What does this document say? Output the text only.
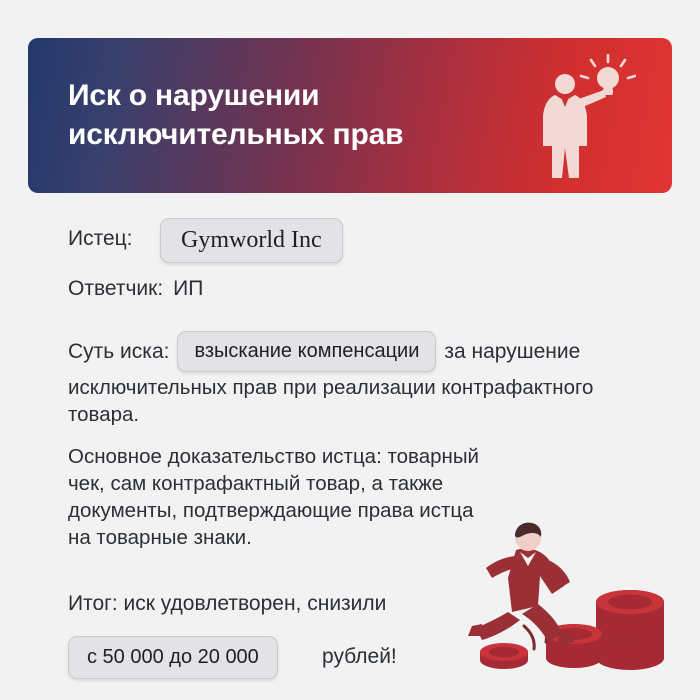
Иск о нарушении исключительных прав
Истец:	Gymworld Inc
Ответчик: ИП
Суть иска:	взыскание компенсации	за нарушение
исключительных прав при реализации контрафактного товара.
Основное доказательство истца: товарный чек, сам контрафактный товар, а также документы, подтверждающие права истца на товарные знаки.
Итог: иск удовлетворен, снизили
с 50 000 до 20 000	рублей!
